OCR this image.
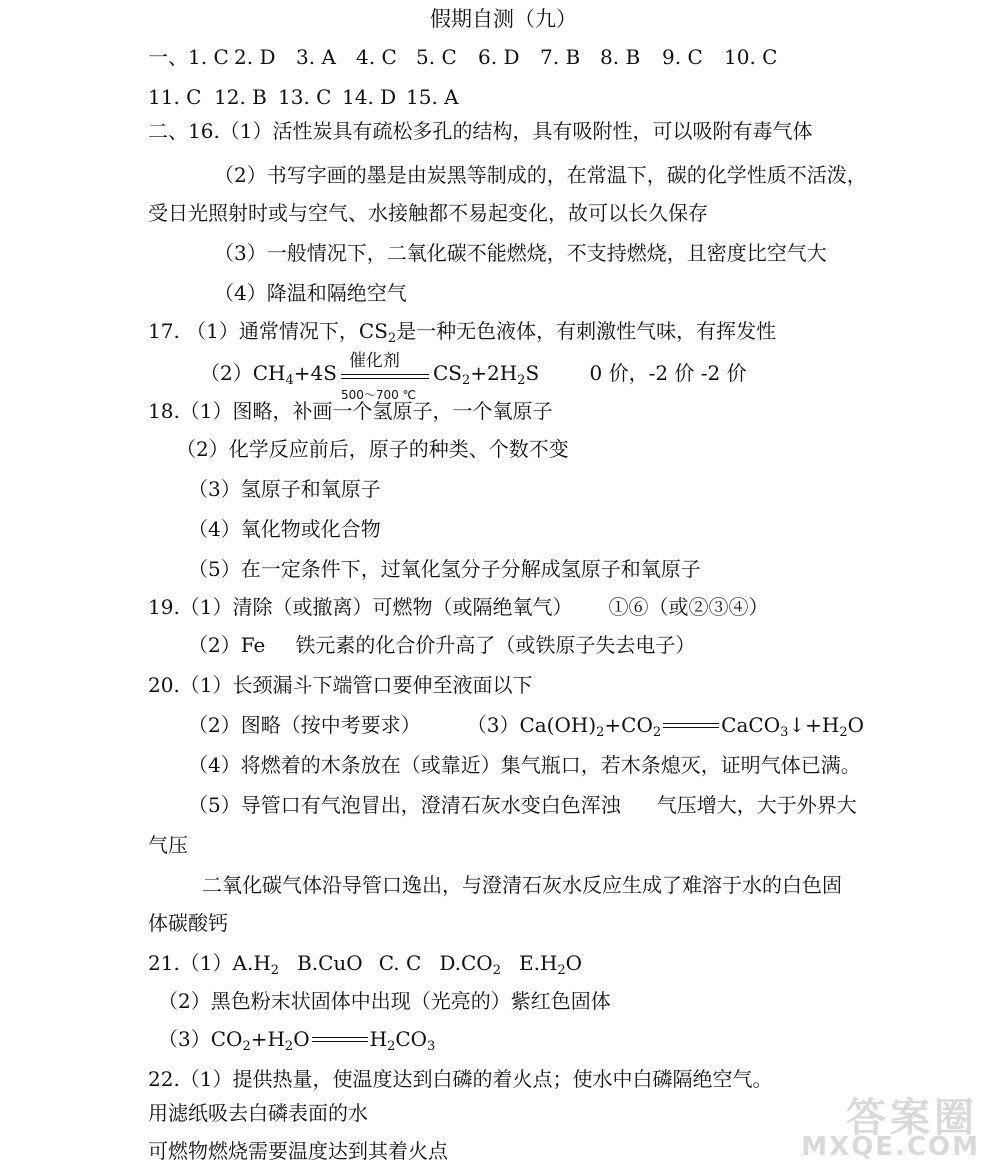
假期自测（九）
一、1. C 2. D 3. A 4. C 5. C 6. D 7. B 8. B 9. C 10. C
11. C 12. B 13. C 14. D 15. A
二、16.（1）活性炭具有疏松多孔的结构，具有吸附性，可以吸附有毒气体
（2）书写字画的墨是由炭黑等制成的，在常温下，碳的化学性质不活泼，
受日光照射时或与空气、水接触都不易起变化，故可以长久保存
（3）一般情况下，二氧化碳不能燃烧，不支持燃烧，且密度比空气大
（4）降温和隔绝空气
17. （1）通常情况下，$CS_2$是一种无色液体，有刺激性气味，有挥发性
$(2)CH_4+4S$
催化剂
500～700 ℃
$CS_2+2H_2S$	0 价，-2 价 -2 价
18.（1）图略，补画一个氢原子，一个氧原子
（2）化学反应前后，原子的种类、个数不变
（3）氢原子和氧原子
（4）氧化物或化合物
（5）在一定条件下，过氧化氢分子分解成氢原子和氧原子
19.（1）清除（或撤离）可燃物（或隔绝氧气） ①⑥（或②③④）
（2）Fe 铁元素的化合价升高了（或铁原子失去电子）
20.（1）长颈漏斗下端管口要伸至液面以下
（2）图略（按中考要求） $(3)Ca(OH)_2+CO_2$	$CaCO_3↓+H_2O$
（4）将燃着的木条放在（或靠近）集气瓶口，若木条熄灭，证明气体已满。
（5）导管口有气泡冒出，澄清石灰水变白色浑浊 气压增大，大于外界大
气压
二氧化碳气体沿导管口逸出，与澄清石灰水反应生成了难溶于水的白色固
体碳酸钙
$21.(1)A.H_2$ B.CuO C. C $D.CO_2$ $E.H_2O$
（2）黑色粉末状固体中出现（光亮的）紫红色固体
$(3)CO_2+H_2O$	$H_2CO_3$
22.（1）提供热量，使温度达到白磷的着火点；使水中白磷隔绝空气。
用滤纸吸去白磷表面的水
可燃物燃烧需要温度达到其着火点
答案圈
MXQE.COM
